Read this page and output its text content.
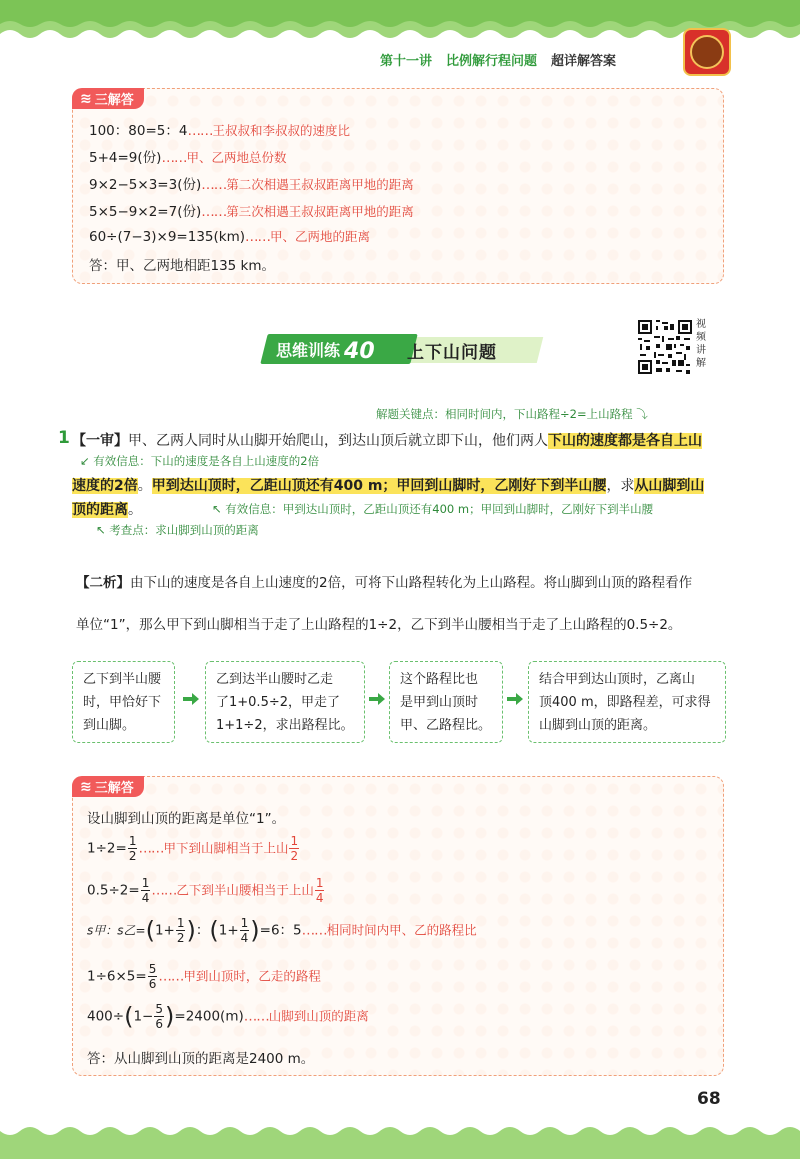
第十一讲 比例解行程问题 超详解答案
≋ 三解答
100：80=5：4……王叔叔和李叔叔的速度比
5+4=9(份)……甲、乙两地总份数
9×2−5×3=3(份)……第二次相遇王叔叔距离甲地的距离
5×5−9×2=7(份)……第三次相遇王叔叔距离甲地的距离
60÷(7−3)×9=135(km)……甲、乙两地的距离
答：甲、乙两地相距135 km。
思维训练 40 上下山问题
视
频
讲
解
解题关键点：相同时间内，下山路程÷2=上山路程 ⤵
1 【一审】甲、乙两人同时从山脚开始爬山，到达山顶后就立即下山，他们两人下山的速度都是各自上山
↙ 有效信息：下山的速度是各自上山速度的2倍
速度的2倍。甲到达山顶时，乙距山顶还有400 m；甲回到山脚时，乙刚好下到半山腰，求从山脚到山
顶的距离。	↖ 有效信息：甲到达山顶时，乙距山顶还有400 m；甲回到山脚时，乙刚好下到半山腰
↖ 考查点：求山脚到山顶的距离
【二析】由下山的速度是各自上山速度的2倍，可将下山路程转化为上山路程。将山脚到山顶的路程看作
单位“1”，那么甲下到山脚相当于走了上山路程的1÷2，乙下到半山腰相当于走了上山路程的0.5÷2。
乙下到半山腰
时，甲恰好下
到山脚。
乙到达半山腰时乙走
了1+0.5÷2，甲走了
1+1÷2，求出路程比。
这个路程比也
是甲到山顶时
甲、乙路程比。
结合甲到达山顶时，乙离山
顶400 m，即路程差，可求得
山脚到山顶的距离。
≋ 三解答
设山脚到山顶的距离是单位“1”。
$1\div 2= \frac{1}{2}$ ……甲下到山脚相当于上山 $\frac{1}{2}$
$0.5\div 2= \frac{1}{4}$ ……乙下到半山腰相当于上山 $\frac{1}{4}$
s甲：s乙$=(1+ \frac{1}{2}$ )：$(1+ \frac{1}{4} )=6$：5……相同时间内甲、乙的路程比
$1\div 6\times 5= \frac{5}{6}$ ……甲到山顶时，乙走的路程
$400\div(1- \frac{5}{6}$ )=2400(m)……山脚到山顶的距离
答：从山脚到山顶的距离是2400 m。
68
